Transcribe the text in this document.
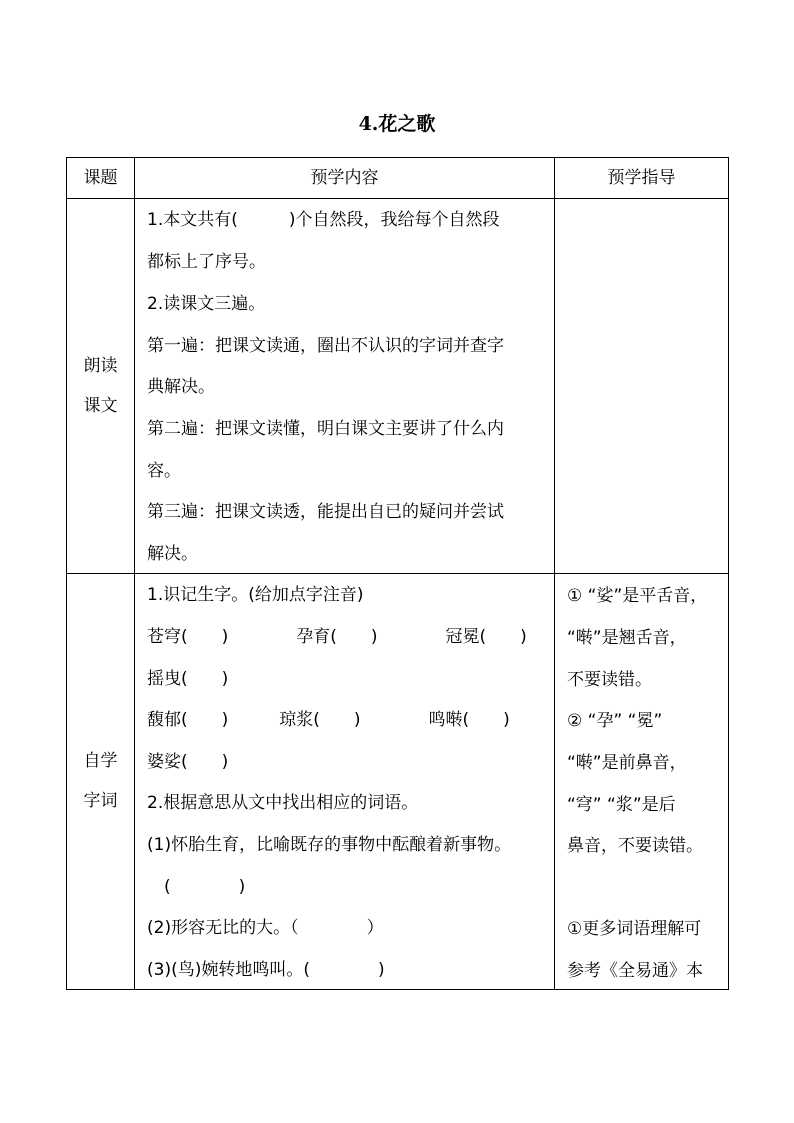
4.花之歌
课题	预学内容	预学指导
朗读
课文
1.本文共有(　　　)个自然段，我给每个自然段
都标上了序号。
2.读课文三遍。
第一遍：把课文读通，圈出不认识的字词并查字
典解决。
第二遍：把课文读懂，明白课文主要讲了什么内
容。
第三遍：把课文读透，能提出自已的疑问并尝试
解决。
自学
字词
1.识记生字。(给加点字注音)
苍穹(　　)　　　　孕育(　　)　　　　冠冕(　　)
摇曳(　　)
馥郁(　　)　　　琼浆(　　)　　　　鸣啭(　　)
婆娑(　　)
2.根据意思从文中找出相应的词语。
(1)怀胎生育，比喻既存的事物中酝酿着新事物。
　(　　　　)
(2)形容无比的大。（　　　　）
(3)(鸟)婉转地鸣叫。(　　　　)
① “娑”是平舌音，
“啭”是翘舌音，
不要读错。
② “孕” “冕”
“啭”是前鼻音，
“穹” “浆”是后
鼻音，不要读错。
①更多词语理解可
参考《全易通》本
